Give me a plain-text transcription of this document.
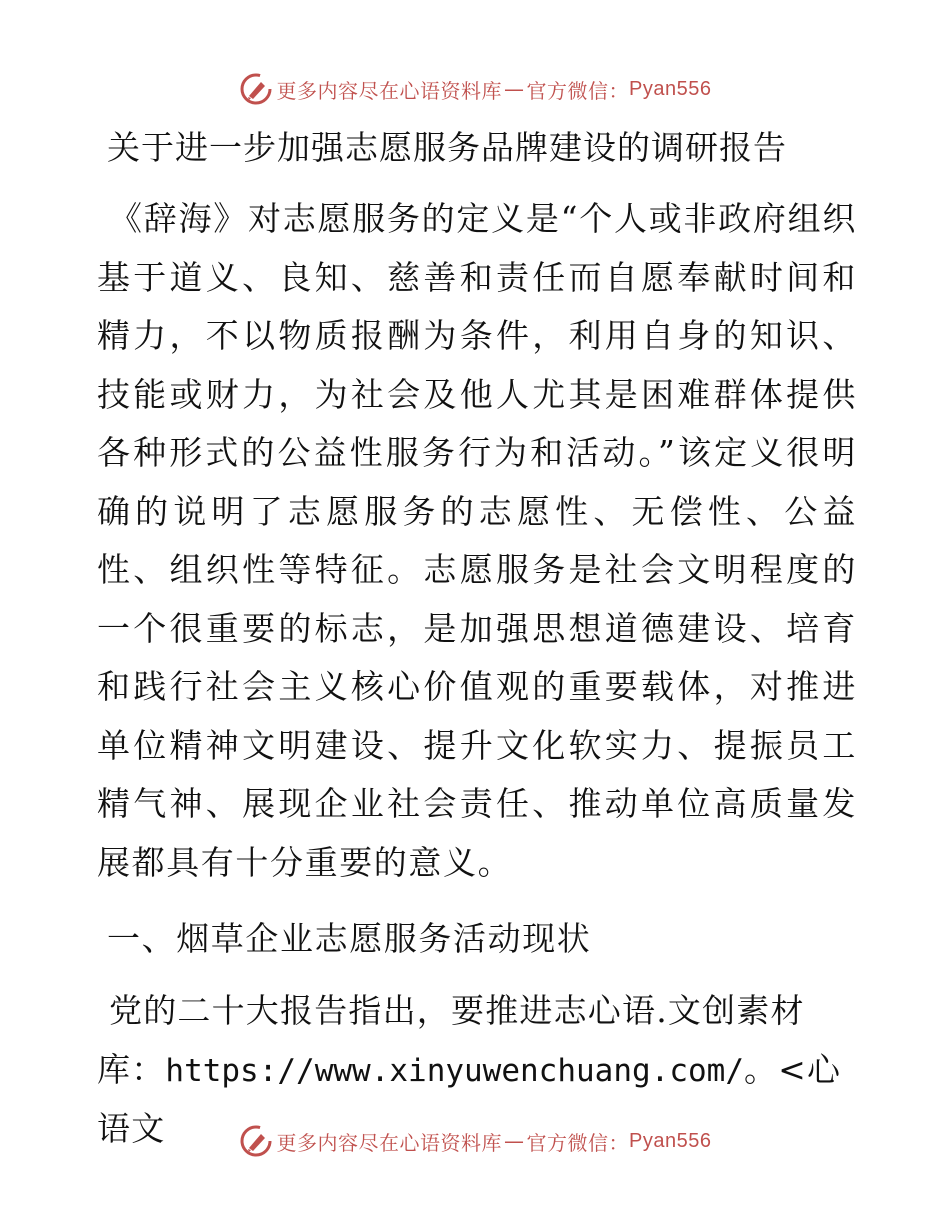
更多内容尽在心语资料库 — 官方微信： Pyan556
关于进一步加强志愿服务品牌建设的调研报告

《辞海》对志愿服务的定义是“个人或非政府组织基于道义、良知、慈善和责任而自愿奉献时间和精力，不以物质报酬为条件，利用自身的知识、技能或财力，为社会及他人尤其是困难群体提供各种形式的公益性服务行为和活动。”该定义很明确的说明了志愿服务的志愿性、无偿性、公益性、组织性等特征。志愿服务是社会文明程度的一个很重要的标志，是加强思想道德建设、培育和践行社会主义核心价值观的重要载体，对推进单位精神文明建设、提升文化软实力、提振员工精气神、展现企业社会责任、推动单位高质量发展都具有十分重要的意义。

一、烟草企业志愿服务活动现状

党的二十大报告指出，要推进志心语.文创素材库：https://www.xinyuwenchuang.com/。<心语文	更多内容尽在心语资料库 — 官方微信： Pyan556
